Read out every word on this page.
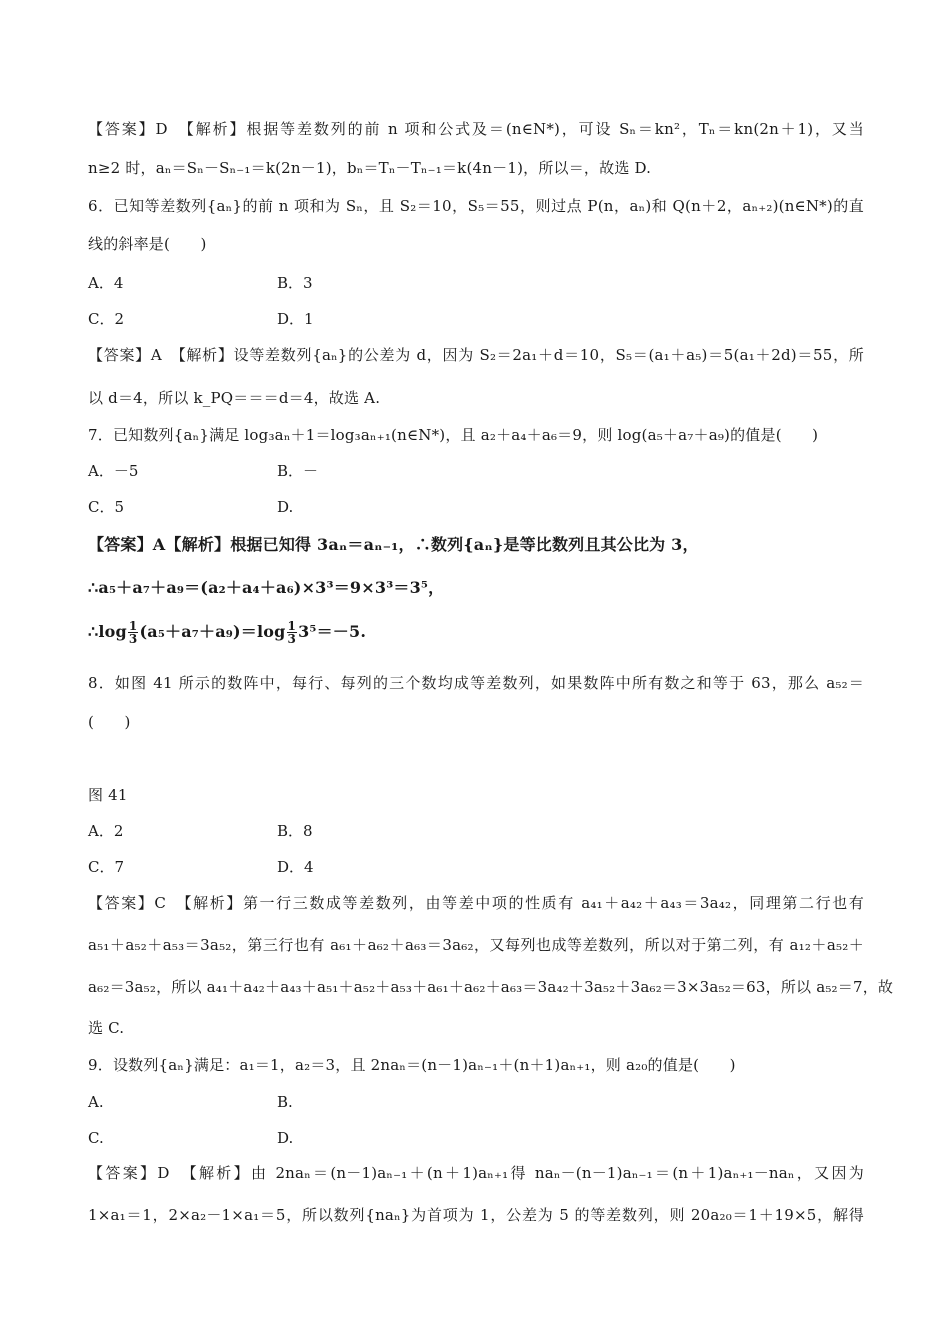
【答案】D　【解析】根据等差数列的前 n 项和公式及＝(n∈N*)，可设 Sₙ＝kn²，Tₙ＝kn(2n＋1)，又当
n≥2 时，aₙ＝Sₙ－Sₙ₋₁＝k(2n－1)，bₙ＝Tₙ－Tₙ₋₁＝k(4n－1)，所以＝，故选 D.
6．已知等差数列{aₙ}的前 n 项和为 Sₙ，且 S₂＝10，S₅＝55，则过点 P(n，aₙ)和 Q(n＋2，aₙ₊₂)(n∈N*)的直
线的斜率是(　　)
【答案】A　【解析】设等差数列{aₙ}的公差为 d，因为 S₂＝2a₁＋d＝10，S₅＝(a₁＋a₅)＝5(a₁＋2d)＝55，所
以 d＝4，所以 k_PQ＝＝＝d＝4，故选 A.
7．已知数列{aₙ}满足 log₃aₙ＋1＝log₃aₙ₊₁(n∈N*)，且 a₂＋a₄＋a₆＝9，则 log(a₅＋a₇＋a₉)的值是(　　)
8．如图 41 所示的数阵中，每行、每列的三个数均成等差数列，如果数阵中所有数之和等于 63，那么 a₅₂＝
(　　)
图 41
【答案】C　【解析】第一行三数成等差数列，由等差中项的性质有 a₄₁＋a₄₂＋a₄₃＝3a₄₂，同理第二行也有
a₅₁＋a₅₂＋a₅₃＝3a₅₂，第三行也有 a₆₁＋a₆₂＋a₆₃＝3a₆₂，又每列也成等差数列，所以对于第二列，有 a₁₂＋a₅₂＋
a₆₂＝3a₅₂，所以 a₄₁＋a₄₂＋a₄₃＋a₅₁＋a₅₂＋a₅₃＋a₆₁＋a₆₂＋a₆₃＝3a₄₂＋3a₅₂＋3a₆₂＝3×3a₅₂＝63，所以 a₅₂＝7，故
选 C.
9．设数列{aₙ}满足：a₁＝1，a₂＝3，且 2naₙ＝(n－1)aₙ₋₁＋(n＋1)aₙ₊₁，则 a₂₀的值是(　　)
【答案】D　【解析】由 2naₙ＝(n－1)aₙ₋₁＋(n＋1)aₙ₊₁得 naₙ－(n－1)aₙ₋₁＝(n＋1)aₙ₊₁－naₙ，又因为
1×a₁＝1，2×a₂－1×a₁＝5，所以数列{naₙ}为首项为 1，公差为 5 的等差数列，则 20a₂₀＝1＋19×5，解得
A．4	B．3
C．2	D．1
A．－5	B．－
C．5	D.
A．2	B．8
C．7	D．4
A.	B.
C.	D.
【答案】A【解析】根据已知得 3aₙ＝aₙ₋₁，∴数列{aₙ}是等比数列且其公比为 3，
∴a₅＋a₇＋a₉＝(a₂＋a₄＋a₆)×3³＝9×3³＝3⁵，
∴log $\frac{1}{3} (a_5+a_7+a_9)=\log \frac{1}{3} 3^5=-5$.
